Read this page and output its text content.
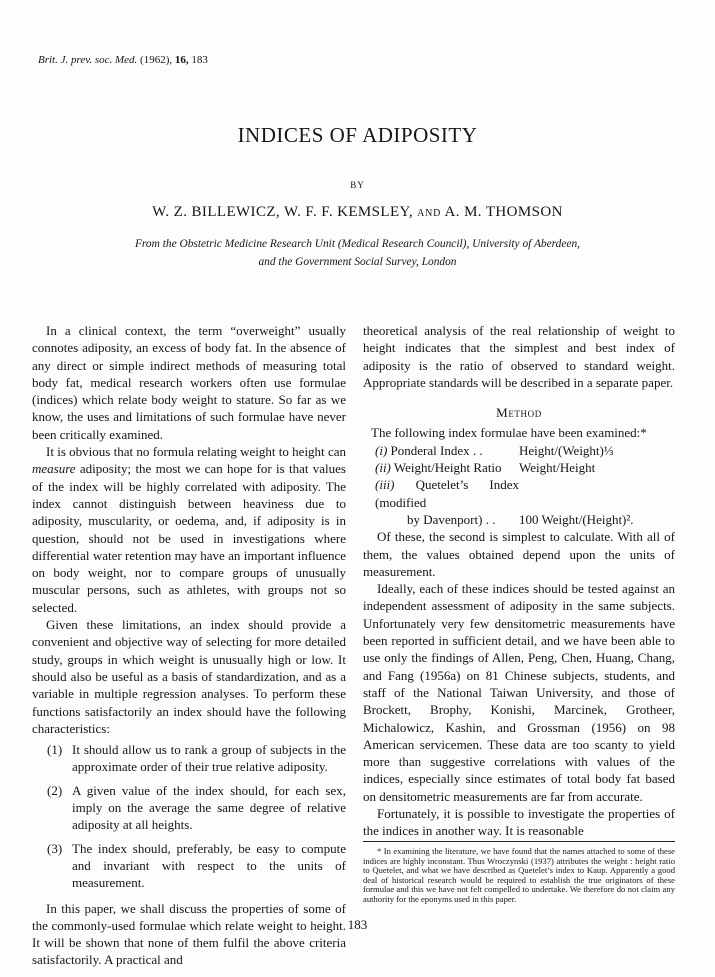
Brit. J. prev. soc. Med. (1962), 16, 183
INDICES OF ADIPOSITY
BY
W. Z. BILLEWICZ, W. F. F. KEMSLEY, AND A. M. THOMSON
From the Obstetric Medicine Research Unit (Medical Research Council), University of Aberdeen,
and the Government Social Survey, London

In a clinical context, the term “overweight” usually connotes adiposity, an excess of body fat. In the absence of any direct or simple indirect methods of measuring total body fat, medical research workers often use formulae (indices) which relate body weight to stature. So far as we know, the uses and limitations of such formulae have never been critically examined.

It is obvious that no formula relating weight to height can measure adiposity; the most we can hope for is that values of the index will be highly correlated with adiposity. The index cannot distinguish between heaviness due to adiposity, muscularity, or oedema, and, if adiposity is in question, should not be used in investigations where differential water retention may have an important influence on body weight, nor to compare groups of unusually muscular persons, such as athletes, with groups not so selected.

Given these limitations, an index should provide a convenient and objective way of selecting for more detailed study, groups in which weight is unusually high or low. It should also be useful as a basis of standardization, and as a variable in multiple regression analyses. To perform these functions satisfactorily an index should have the following characteristics:

(1) It should allow us to rank a group of subjects in the approximate order of their true relative adiposity.
(2) A given value of the index should, for each sex, imply on the average the same degree of relative adiposity at all heights.
(3) The index should, preferably, be easy to compute and invariant with respect to the units of measurement.

In this paper, we shall discuss the properties of some of the commonly-used formulae which relate weight to height. It will be shown that none of them fulfil the above criteria satisfactorily. A practical and

theoretical analysis of the real relationship of weight to height indicates that the simplest and best index of adiposity is the ratio of observed to standard weight. Appropriate standards will be described in a separate paper.

Method

The following index formulae have been examined:*

(i) Ponderal Index . .	Height/(Weight)⅓
(ii) Weight/Height Ratio	Weight/Height
(iii) Quetelet’s Index (modified
by Davenport) . .	100 Weight/(Height)².

Of these, the second is simplest to calculate. With all of them, the values obtained depend upon the units of measurement.

Ideally, each of these indices should be tested against an independent assessment of adiposity in the same subjects. Unfortunately very few densitometric measurements have been reported in sufficient detail, and we have been able to use only the findings of Allen, Peng, Chen, Huang, Chang, and Fang (1956a) on 81 Chinese subjects, students, and staff of the National Taiwan University, and those of Brockett, Brophy, Konishi, Marcinek, Grotheer, Michalowicz, Kashin, and Grossman (1956) on 98 American servicemen. These data are too scanty to yield more than suggestive correlations with values of the indices, especially since estimates of total body fat based on densitometric measurements are far from accurate.

Fortunately, it is possible to investigate the properties of the indices in another way. It is reasonable

* In examining the literature, we have found that the names attached to some of these indices are highly inconstant. Thus Wroczynski (1937) attributes the weight : height ratio to Quetelet, and what we have described as Quetelet’s index to Kaup. Apparently a good deal of historical research would be required to establish the true originators of these formulae and this we have not felt compelled to undertake. We therefore do not claim any authority for the eponyms used in this paper.

183
